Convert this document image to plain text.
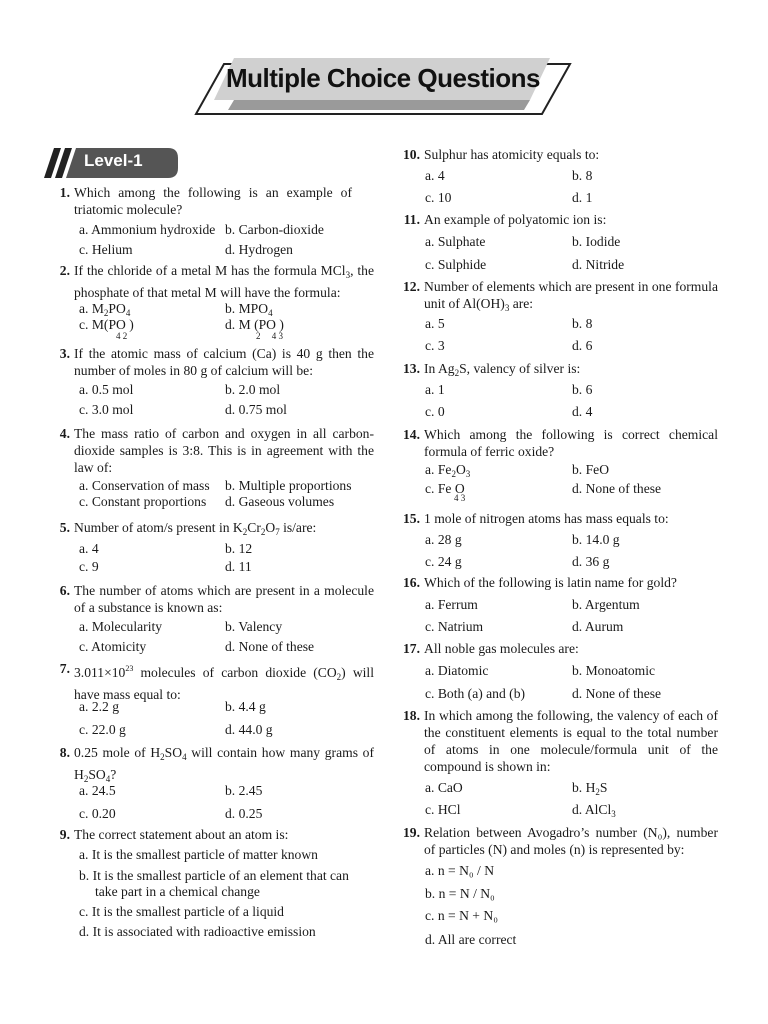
Multiple Choice Questions
Level-1
1. Which among the following is an example of triatomic molecule?
a. Ammonium hydroxide b. Carbon-dioxide
c. Helium	d. Hydrogen
2. If the chloride of a metal M has the formula MCl$_3$, the phosphate of that metal M will have the formula:
a. $M_2PO_4$	b. $MPO_4$
c. M(PO )	d. M (PO )
4 2	2     4 3
3. If the atomic mass of calcium (Ca) is 40 g then the number of moles in 80 g of calcium will be:
a. 0.5 mol	b. 2.0 mol
c. 3.0 mol	d. 0.75 mol
4. The mass ratio of carbon and oxygen in all carbon-dioxide samples is 3:8. This is in agreement with the law of:
a. Conservation of mass b. Multiple proportions
c. Constant proportions d. Gaseous volumes
5. Number of atom/s present in $K_2Cr_2O_7$ is/are:
a. 4	b. 12
c. 9	d. 11
6. The number of atoms which are present in a molecule of a substance is known as:
a. Molecularity	b. Valency
c. Atomicity	d. None of these
7. $3.011\times 10^{23}$ molecules of carbon dioxide $(CO_2)$ will have mass equal to:
a. 2.2 g	b. 4.4 g
c. 22.0 g	d. 44.0 g
8. 0.25 mole of $H_2SO_4$ will contain how many grams of $H_2SO_4$?
a. 24.5	b. 2.45
c. 0.20	d. 0.25
9. The correct statement about an atom is:
a. It is the smallest particle of matter known
b. It is the smallest particle of an element that can
take part in a chemical change
c. It is the smallest particle of a liquid
d. It is associated with radioactive emission
10. Sulphur has atomicity equals to:
a. 4	b. 8
c. 10	d. 1
11. An example of polyatomic ion is:
a. Sulphate	b. Iodide
c. Sulphide	d. Nitride
12. Number of elements which are present in one formula unit of $Al(OH)_3$ are:
a. 5	b. 8
c. 3	d. 6
13. In $Ag_2S$, valency of silver is:
a. 1	b. 6
c. 0	d. 4
14. Which among the following is correct chemical formula of ferric oxide?
a. $Fe_2O_3$	b. FeO
c. Fe O
4 3
d. None of these
15. 1 mole of nitrogen atoms has mass equals to:
a. 28 g	b. 14.0 g
c. 24 g	d. 36 g
16. Which of the following is latin name for gold?
a. Ferrum	b. Argentum
c. Natrium	d. Aurum
17. All noble gas molecules are:
a. Diatomic	b. Monoatomic
c. Both (a) and (b)	d. None of these
18. In which among the following, the valency of each of the constituent elements is equal to the total number of atoms in one molecule/formula unit of the compound is shown in:
a. CaO	b. $H_2S$
c. HCl	d. AlCl$_3$
19. Relation between Avogadro’s number (N₀), number of particles (N) and moles (n) is represented by:
a. n = N₀ / N
b. n = N / N₀
c. n = N + N₀
d. All are correct
